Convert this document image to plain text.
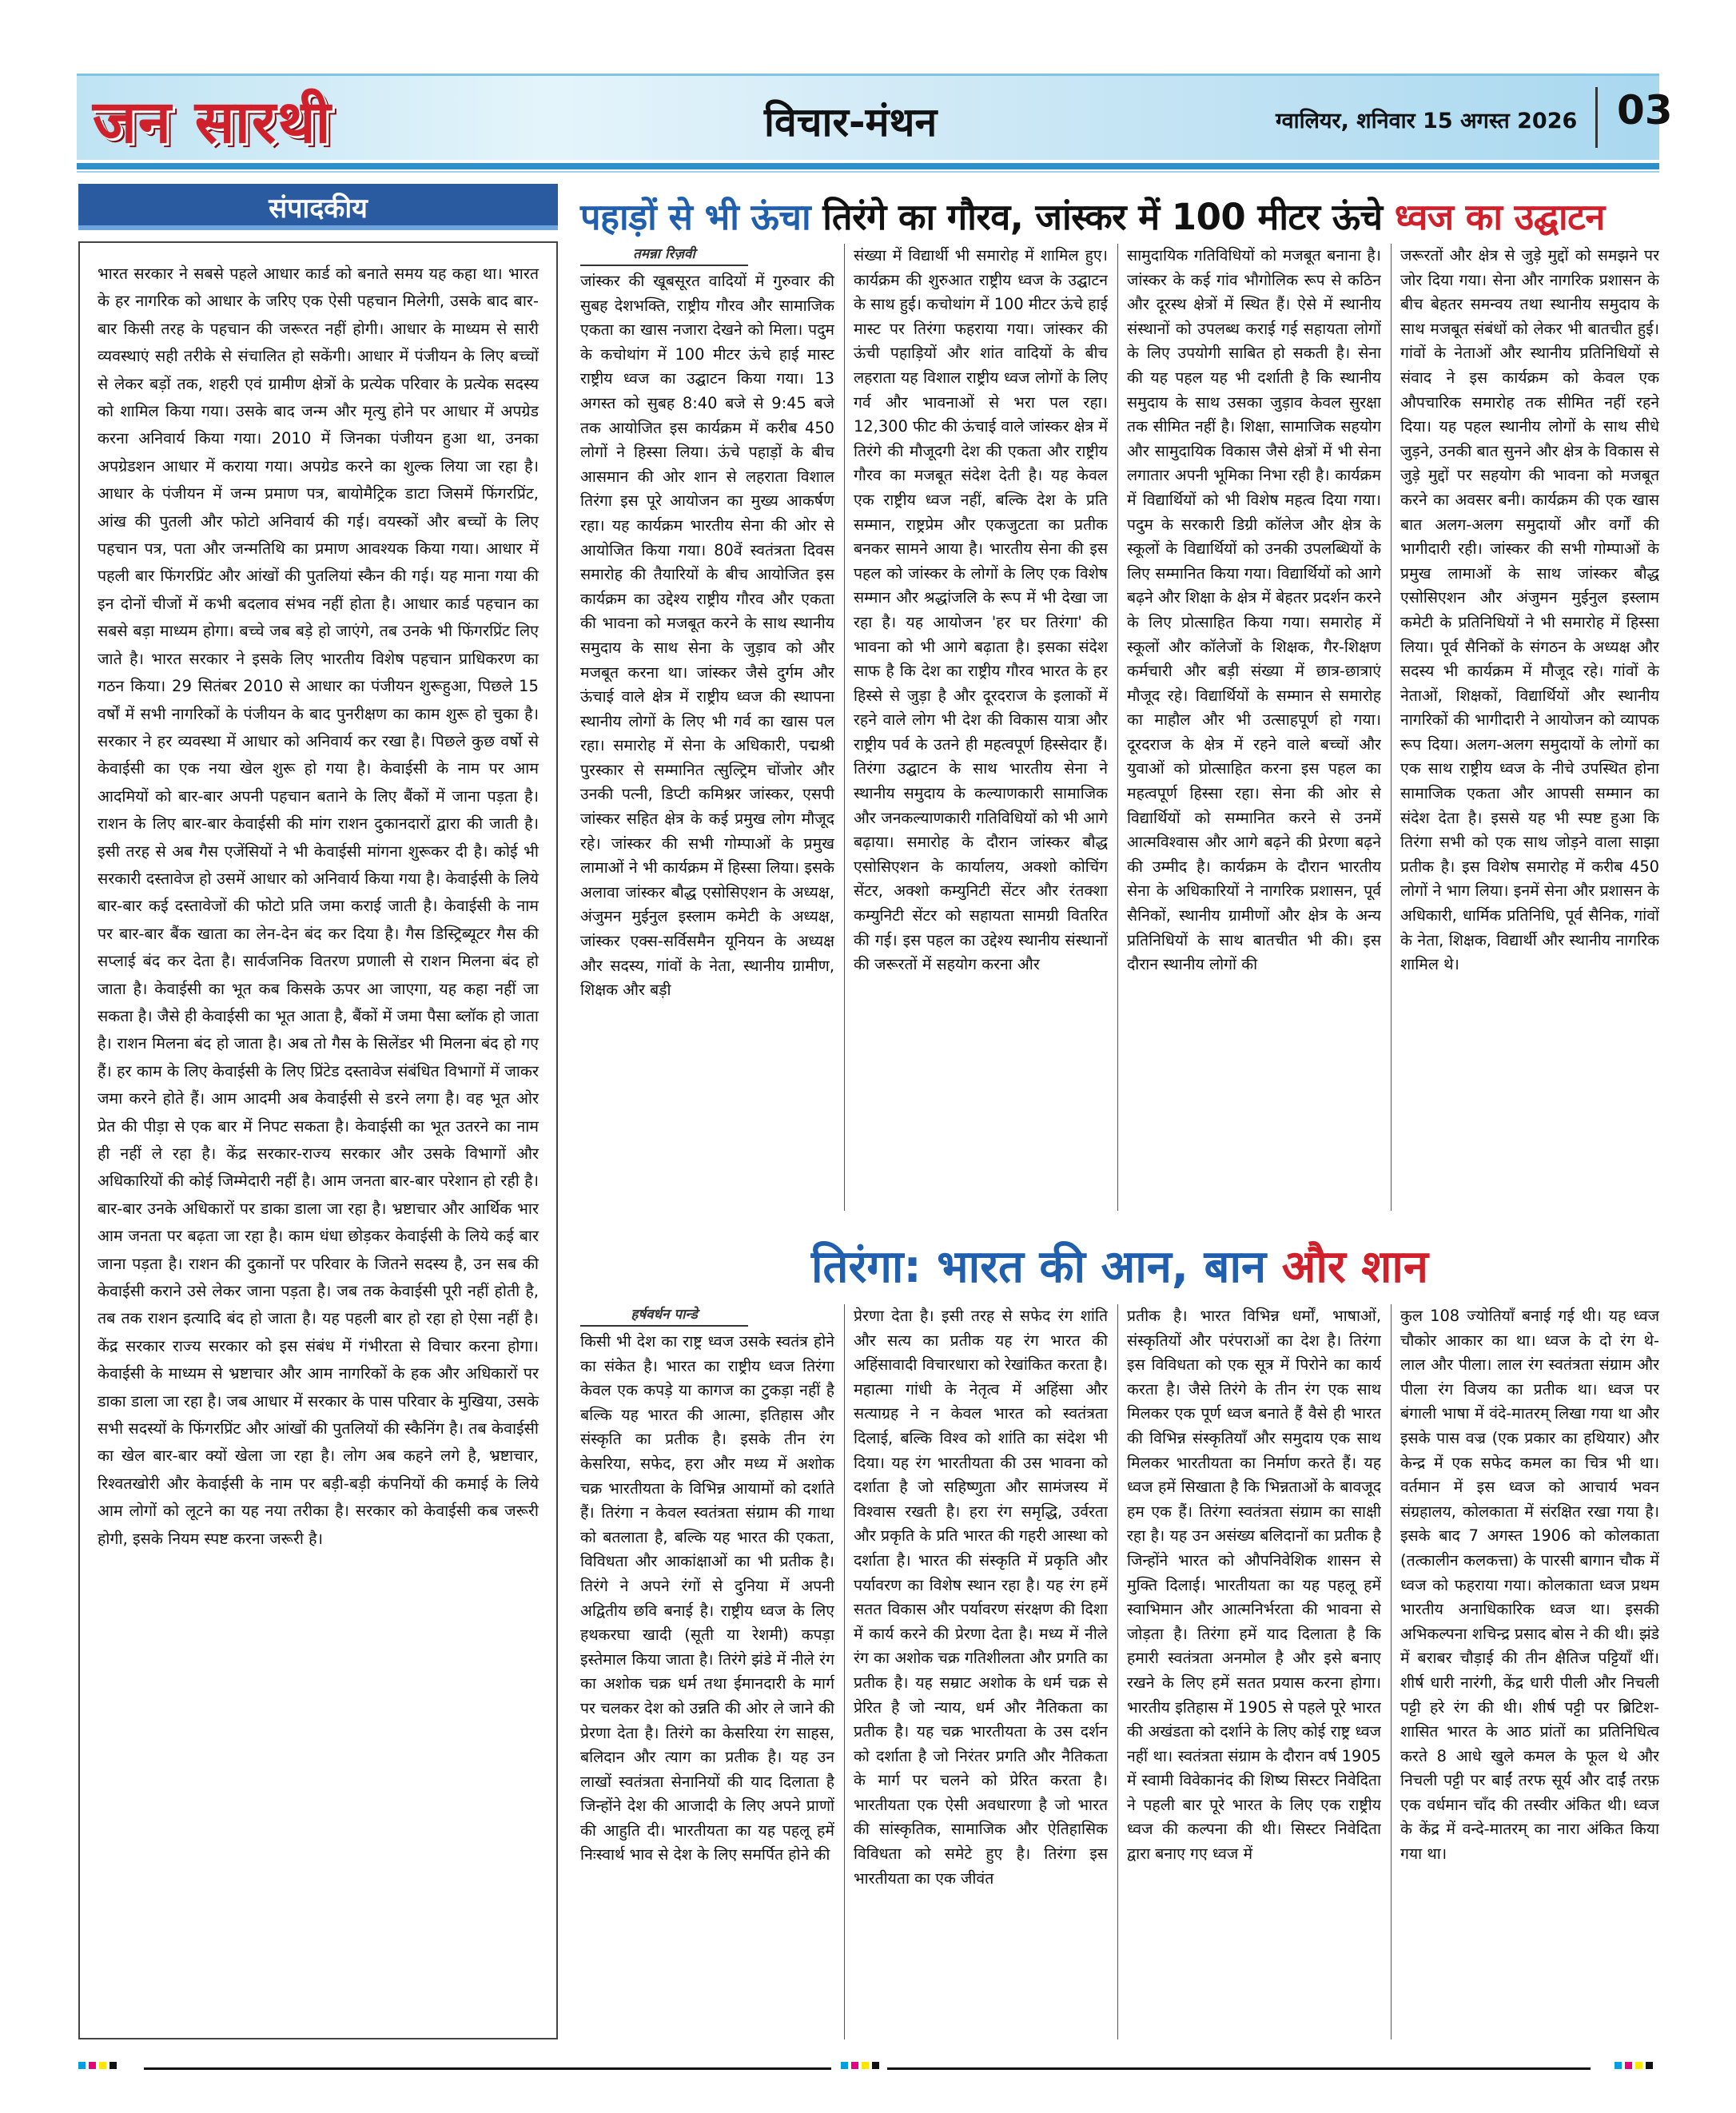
जन सारथी	विचार-मंथन	ग्वालियर, शनिवार 15 अगस्त 2026 03
संपादकीय

भारत सरकार ने सबसे पहले आधार कार्ड को बनाते समय यह कहा था। भारत के हर नागरिक को आधार के जरिए एक ऐसी पहचान मिलेगी, उसके बाद बार-बार किसी तरह के पहचान की जरूरत नहीं होगी। आधार के माध्यम से सारी व्यवस्थाएं सही तरीके से संचालित हो सकेंगी। आधार में पंजीयन के लिए बच्चों से लेकर बड़ों तक, शहरी एवं ग्रामीण क्षेत्रों के प्रत्येक परिवार के प्रत्येक सदस्य को शामिल किया गया। उसके बाद जन्म और मृत्यु होने पर आधार में अपग्रेड करना अनिवार्य किया गया। 2010 में जिनका पंजीयन हुआ था, उनका अपग्रेडशन आधार में कराया गया। अपग्रेड करने का शुल्क लिया जा रहा है। आधार के पंजीयन में जन्म प्रमाण पत्र, बायोमैट्रिक डाटा जिसमें फिंगरप्रिंट, आंख की पुतली और फोटो अनिवार्य की गई। वयस्कों और बच्चों के लिए पहचान पत्र, पता और जन्मतिथि का प्रमाण आवश्यक किया गया। आधार में पहली बार फिंगरप्रिंट और आंखों की पुतलियां स्कैन की गई। यह माना गया की इन दोनों चीजों में कभी बदलाव संभव नहीं होता है। आधार कार्ड पहचान का सबसे बड़ा माध्यम होगा। बच्चे जब बड़े हो जाएंगे, तब उनके भी फिंगरप्रिंट लिए जाते है। भारत सरकार ने इसके लिए भारतीय विशेष पहचान प्राधिकरण का गठन किया। 29 सितंबर 2010 से आधार का पंजीयन शुरूहुआ, पिछले 15 वर्षों में सभी नागरिकों के पंजीयन के बाद पुनरीक्षण का काम शुरू हो चुका है। सरकार ने हर व्यवस्था में आधार को अनिवार्य कर रखा है। पिछले कुछ वर्षो से केवाईसी का एक नया खेल शुरू हो गया है। केवाईसी के नाम पर आम आदमियों को बार-बार अपनी पहचान बताने के लिए बैंकों में जाना पड़ता है। राशन के लिए बार-बार केवाईसी की मांग राशन दुकानदारों द्वारा की जाती है। इसी तरह से अब गैस एजेंसियों ने भी केवाईसी मांगना शुरूकर दी है। कोई भी सरकारी दस्तावेज हो उसमें आधार को अनिवार्य किया गया है। केवाईसी के लिये बार-बार कई दस्तावेजों की फोटो प्रति जमा कराई जाती है। केवाईसी के नाम पर बार-बार बैंक खाता का लेन-देन बंद कर दिया है। गैस डिस्ट्रिब्यूटर गैस की सप्लाई बंद कर देता है। सार्वजनिक वितरण प्रणाली से राशन मिलना बंद हो जाता है। केवाईसी का भूत कब किसके ऊपर आ जाएगा, यह कहा नहीं जा सकता है। जैसे ही केवाईसी का भूत आता है, बैंकों में जमा पैसा ब्लॉक हो जाता है। राशन मिलना बंद हो जाता है। अब तो गैस के सिलेंडर भी मिलना बंद हो गए हैं। हर काम के लिए केवाईसी के लिए प्रिंटेड दस्तावेज संबंधित विभागों में जाकर जमा करने होते हैं। आम आदमी अब केवाईसी से डरने लगा है। वह भूत ओर प्रेत की पीड़ा से एक बार में निपट सकता है। केवाईसी का भूत उतरने का नाम ही नहीं ले रहा है। केंद्र सरकार-राज्य सरकार और उसके विभागों और अधिकारियों की कोई जिम्मेदारी नहीं है। आम जनता बार-बार परेशान हो रही है। बार-बार उनके अधिकारों पर डाका डाला जा रहा है। भ्रष्टाचार और आर्थिक भार आम जनता पर बढ़ता जा रहा है। काम धंधा छोड़कर केवाईसी के लिये कई बार जाना पड़ता है। राशन की दुकानों पर परिवार के जितने सदस्य है, उन सब की केवाईसी कराने उसे लेकर जाना पड़ता है। जब तक केवाईसी पूरी नहीं होती है, तब तक राशन इत्यादि बंद हो जाता है। यह पहली बार हो रहा हो ऐसा नहीं है। केंद्र सरकार राज्य सरकार को इस संबंध में गंभीरता से विचार करना होगा। केवाईसी के माध्यम से भ्रष्टाचार और आम नागरिकों के हक और अधिकारों पर डाका डाला जा रहा है। जब आधार में सरकार के पास परिवार के मुखिया, उसके सभी सदस्यों के फिंगरप्रिंट और आंखों की पुतलियों की स्कैनिंग है। तब केवाईसी का खेल बार-बार क्यों खेला जा रहा है। लोग अब कहने लगे है, भ्रष्टाचार, रिश्वतखोरी और केवाईसी के नाम पर बड़ी-बड़ी कंपनियों की कमाई के लिये आम लोगों को लूटने का यह नया तरीका है। सरकार को केवाईसी कब जरूरी होगी, इसके नियम स्पष्ट करना जरूरी है।

पहाड़ों से भी ऊंचा तिरंगे का गौरव, जांस्कर में 100 मीटर ऊंचे ध्वज का उद्घाटन
तमन्ना रिज़वी
जांस्कर की खूबसूरत वादियों में गुरुवार की सुबह देशभक्ति, राष्ट्रीय गौरव और सामाजिक एकता का खास नजारा देखने को मिला। पदुम के कचोथांग में 100 मीटर ऊंचे हाई मास्ट राष्ट्रीय ध्वज का उद्घाटन किया गया। 13 अगस्त को सुबह 8:40 बजे से 9:45 बजे तक आयोजित इस कार्यक्रम में करीब 450 लोगों ने हिस्सा लिया। ऊंचे पहाड़ों के बीच आसमान की ओर शान से लहराता विशाल तिरंगा इस पूरे आयोजन का मुख्य आकर्षण रहा। यह कार्यक्रम भारतीय सेना की ओर से आयोजित किया गया। 80वें स्वतंत्रता दिवस समारोह की तैयारियों के बीच आयोजित इस कार्यक्रम का उद्देश्य राष्ट्रीय गौरव और एकता की भावना को मजबूत करने के साथ स्थानीय समुदाय के साथ सेना के जुड़ाव को और मजबूत करना था। जांस्कर जैसे दुर्गम और ऊंचाई वाले क्षेत्र में राष्ट्रीय ध्वज की स्थापना स्थानीय लोगों के लिए भी गर्व का खास पल रहा। समारोह में सेना के अधिकारी, पद्मश्री पुरस्कार से सम्मानित त्सुल्ट्रिम चोंजोर और उनकी पत्नी, डिप्टी कमिश्नर जांस्कर, एसपी जांस्कर सहित क्षेत्र के कई प्रमुख लोग मौजूद रहे। जांस्कर की सभी गोम्पाओं के प्रमुख लामाओं ने भी कार्यक्रम में हिस्सा लिया। इसके अलावा जांस्कर बौद्ध एसोसिएशन के अध्यक्ष, अंजुमन मुईनुल इस्लाम कमेटी के अध्यक्ष, जांस्कर एक्स-सर्विसमैन यूनियन के अध्यक्ष और सदस्य, गांवों के नेता, स्थानीय ग्रामीण, शिक्षक और बड़ी
संख्या में विद्यार्थी भी समारोह में शामिल हुए। कार्यक्रम की शुरुआत राष्ट्रीय ध्वज के उद्घाटन के साथ हुई। कचोथांग में 100 मीटर ऊंचे हाई मास्ट पर तिरंगा फहराया गया। जांस्कर की ऊंची पहाड़ियों और शांत वादियों के बीच लहराता यह विशाल राष्ट्रीय ध्वज लोगों के लिए गर्व और भावनाओं से भरा पल रहा। 12,300 फीट की ऊंचाई वाले जांस्कर क्षेत्र में तिरंगे की मौजूदगी देश की एकता और राष्ट्रीय गौरव का मजबूत संदेश देती है। यह केवल एक राष्ट्रीय ध्वज नहीं, बल्कि देश के प्रति सम्मान, राष्ट्रप्रेम और एकजुटता का प्रतीक बनकर सामने आया है। भारतीय सेना की इस पहल को जांस्कर के लोगों के लिए एक विशेष सम्मान और श्रद्धांजलि के रूप में भी देखा जा रहा है। यह आयोजन 'हर घर तिरंगा' की भावना को भी आगे बढ़ाता है। इसका संदेश साफ है कि देश का राष्ट्रीय गौरव भारत के हर हिस्से से जुड़ा है और दूरदराज के इलाकों में रहने वाले लोग भी देश की विकास यात्रा और राष्ट्रीय पर्व के उतने ही महत्वपूर्ण हिस्सेदार हैं। तिरंगा उद्घाटन के साथ भारतीय सेना ने स्थानीय समुदाय के कल्याणकारी सामाजिक और जनकल्याणकारी गतिविधियों को भी आगे बढ़ाया। समारोह के दौरान जांस्कर बौद्ध एसोसिएशन के कार्यालय, अक्शो कोचिंग सेंटर, अक्शो कम्युनिटी सेंटर और रंतक्शा कम्युनिटी सेंटर को सहायता सामग्री वितरित की गई। इस पहल का उद्देश्य स्थानीय संस्थानों की जरूरतों में सहयोग करना और
सामुदायिक गतिविधियों को मजबूत बनाना है। जांस्कर के कई गांव भौगोलिक रूप से कठिन और दूरस्थ क्षेत्रों में स्थित हैं। ऐसे में स्थानीय संस्थानों को उपलब्ध कराई गई सहायता लोगों के लिए उपयोगी साबित हो सकती है। सेना की यह पहल यह भी दर्शाती है कि स्थानीय समुदाय के साथ उसका जुड़ाव केवल सुरक्षा तक सीमित नहीं है। शिक्षा, सामाजिक सहयोग और सामुदायिक विकास जैसे क्षेत्रों में भी सेना लगातार अपनी भूमिका निभा रही है। कार्यक्रम में विद्यार्थियों को भी विशेष महत्व दिया गया। पदुम के सरकारी डिग्री कॉलेज और क्षेत्र के स्कूलों के विद्यार्थियों को उनकी उपलब्धियों के लिए सम्मानित किया गया। विद्यार्थियों को आगे बढ़ने और शिक्षा के क्षेत्र में बेहतर प्रदर्शन करने के लिए प्रोत्साहित किया गया। समारोह में स्कूलों और कॉलेजों के शिक्षक, गैर-शिक्षण कर्मचारी और बड़ी संख्या में छात्र-छात्राएं मौजूद रहे। विद्यार्थियों के सम्मान से समारोह का माहौल और भी उत्साहपूर्ण हो गया। दूरदराज के क्षेत्र में रहने वाले बच्चों और युवाओं को प्रोत्साहित करना इस पहल का महत्वपूर्ण हिस्सा रहा। सेना की ओर से विद्यार्थियों को सम्मानित करने से उनमें आत्मविश्वास और आगे बढ़ने की प्रेरणा बढ़ने की उम्मीद है। कार्यक्रम के दौरान भारतीय सेना के अधिकारियों ने नागरिक प्रशासन, पूर्व सैनिकों, स्थानीय ग्रामीणों और क्षेत्र के अन्य प्रतिनिधियों के साथ बातचीत भी की। इस दौरान स्थानीय लोगों की
जरूरतों और क्षेत्र से जुड़े मुद्दों को समझने पर जोर दिया गया। सेना और नागरिक प्रशासन के बीच बेहतर समन्वय तथा स्थानीय समुदाय के साथ मजबूत संबंधों को लेकर भी बातचीत हुई। गांवों के नेताओं और स्थानीय प्रतिनिधियों से संवाद ने इस कार्यक्रम को केवल एक औपचारिक समारोह तक सीमित नहीं रहने दिया। यह पहल स्थानीय लोगों के साथ सीधे जुड़ने, उनकी बात सुनने और क्षेत्र के विकास से जुड़े मुद्दों पर सहयोग की भावना को मजबूत करने का अवसर बनी। कार्यक्रम की एक खास बात अलग-अलग समुदायों और वर्गों की भागीदारी रही। जांस्कर की सभी गोम्पाओं के प्रमुख लामाओं के साथ जांस्कर बौद्ध एसोसिएशन और अंजुमन मुईनुल इस्लाम कमेटी के प्रतिनिधियों ने भी समारोह में हिस्सा लिया। पूर्व सैनिकों के संगठन के अध्यक्ष और सदस्य भी कार्यक्रम में मौजूद रहे। गांवों के नेताओं, शिक्षकों, विद्यार्थियों और स्थानीय नागरिकों की भागीदारी ने आयोजन को व्यापक रूप दिया। अलग-अलग समुदायों के लोगों का एक साथ राष्ट्रीय ध्वज के नीचे उपस्थित होना सामाजिक एकता और आपसी सम्मान का संदेश देता है। इससे यह भी स्पष्ट हुआ कि तिरंगा सभी को एक साथ जोड़ने वाला साझा प्रतीक है। इस विशेष समारोह में करीब 450 लोगों ने भाग लिया। इनमें सेना और प्रशासन के अधिकारी, धार्मिक प्रतिनिधि, पूर्व सैनिक, गांवों के नेता, शिक्षक, विद्यार्थी और स्थानीय नागरिक शामिल थे।
तिरंगा: भारत की आन, बान और शान
हर्षवर्धन पान्डे
किसी भी देश का राष्ट्र ध्वज उसके स्वतंत्र होने का संकेत है। भारत का राष्ट्रीय ध्वज तिरंगा केवल एक कपड़े या कागज का टुकड़ा नहीं है बल्कि यह भारत की आत्मा, इतिहास और संस्कृति का प्रतीक है। इसके तीन रंग केसरिया, सफेद, हरा और मध्य में अशोक चक्र भारतीयता के विभिन्न आयामों को दर्शाते हैं। तिरंगा न केवल स्वतंत्रता संग्राम की गाथा को बतलाता है, बल्कि यह भारत की एकता, विविधता और आकांक्षाओं का भी प्रतीक है। तिरंगे ने अपने रंगों से दुनिया में अपनी अद्वितीय छवि बनाई है। राष्ट्रीय ध्वज के लिए हथकरघा खादी (सूती या रेशमी) कपड़ा इस्तेमाल किया जाता है। तिरंगे झंडे में नीले रंग का अशोक चक्र धर्म तथा ईमानदारी के मार्ग पर चलकर देश को उन्नति की ओर ले जाने की प्रेरणा देता है। तिरंगे का केसरिया रंग साहस, बलिदान और त्याग का प्रतीक है। यह उन लाखों स्वतंत्रता सेनानियों की याद दिलाता है जिन्होंने देश की आजादी के लिए अपने प्राणों की आहुति दी। भारतीयता का यह पहलू हमें निःस्वार्थ भाव से देश के लिए समर्पित होने की
प्रेरणा देता है। इसी तरह से सफेद रंग शांति और सत्य का प्रतीक यह रंग भारत की अहिंसावादी विचारधारा को रेखांकित करता है। महात्मा गांधी के नेतृत्व में अहिंसा और सत्याग्रह ने न केवल भारत को स्वतंत्रता दिलाई, बल्कि विश्व को शांति का संदेश भी दिया। यह रंग भारतीयता की उस भावना को दर्शाता है जो सहिष्णुता और सामंजस्य में विश्वास रखती है। हरा रंग समृद्धि, उर्वरता और प्रकृति के प्रति भारत की गहरी आस्था को दर्शाता है। भारत की संस्कृति में प्रकृति और पर्यावरण का विशेष स्थान रहा है। यह रंग हमें सतत विकास और पर्यावरण संरक्षण की दिशा में कार्य करने की प्रेरणा देता है। मध्य में नीले रंग का अशोक चक्र गतिशीलता और प्रगति का प्रतीक है। यह सम्राट अशोक के धर्म चक्र से प्रेरित है जो न्याय, धर्म और नैतिकता का प्रतीक है। यह चक्र भारतीयता के उस दर्शन को दर्शाता है जो निरंतर प्रगति और नैतिकता के मार्ग पर चलने को प्रेरित करता है। भारतीयता एक ऐसी अवधारणा है जो भारत की सांस्कृतिक, सामाजिक और ऐतिहासिक विविधता को समेटे हुए है। तिरंगा इस भारतीयता का एक जीवंत
प्रतीक है। भारत विभिन्न धर्मों, भाषाओं, संस्कृतियों और परंपराओं का देश है। तिरंगा इस विविधता को एक सूत्र में पिरोने का कार्य करता है। जैसे तिरंगे के तीन रंग एक साथ मिलकर एक पूर्ण ध्वज बनाते हैं वैसे ही भारत की विभिन्न संस्कृतियाँ और समुदाय एक साथ मिलकर भारतीयता का निर्माण करते हैं। यह ध्वज हमें सिखाता है कि भिन्नताओं के बावजूद हम एक हैं। तिरंगा स्वतंत्रता संग्राम का साक्षी रहा है। यह उन असंख्य बलिदानों का प्रतीक है जिन्होंने भारत को औपनिवेशिक शासन से मुक्ति दिलाई। भारतीयता का यह पहलू हमें स्वाभिमान और आत्मनिर्भरता की भावना से जोड़ता है। तिरंगा हमें याद दिलाता है कि हमारी स्वतंत्रता अनमोल है और इसे बनाए रखने के लिए हमें सतत प्रयास करना होगा। भारतीय इतिहास में 1905 से पहले पूरे भारत की अखंडता को दर्शाने के लिए कोई राष्ट्र ध्वज नहीं था। स्वतंत्रता संग्राम के दौरान वर्ष 1905 में स्वामी विवेकानंद की शिष्य सिस्टर निवेदिता ने पहली बार पूरे भारत के लिए एक राष्ट्रीय ध्वज की कल्पना की थी। सिस्टर निवेदिता द्वारा बनाए गए ध्वज में
कुल 108 ज्योतियाँ बनाई गई थी। यह ध्वज चौकोर आकार का था। ध्वज के दो रंग थे- लाल और पीला। लाल रंग स्वतंत्रता संग्राम और पीला रंग विजय का प्रतीक था। ध्वज पर बंगाली भाषा में वंदे-मातरम् लिखा गया था और इसके पास वज्र (एक प्रकार का हथियार) और केन्द्र में एक सफेद कमल का चित्र भी था। वर्तमान में इस ध्वज को आचार्य भवन संग्रहालय, कोलकाता में संरक्षित रखा गया है। इसके बाद 7 अगस्त 1906 को कोलकाता (तत्कालीन कलकत्ता) के पारसी बागान चौक में ध्वज को फहराया गया। कोलकाता ध्वज प्रथम भारतीय अनाधिकारिक ध्वज था। इसकी अभिकल्पना शचिन्द्र प्रसाद बोस ने की थी। झंडे में बराबर चौड़ाई की तीन क्षैतिज पट्टियाँ थीं। शीर्ष धारी नारंगी, केंद्र धारी पीली और निचली पट्टी हरे रंग की थी। शीर्ष पट्टी पर ब्रिटिश-शासित भारत के आठ प्रांतों का प्रतिनिधित्व करते 8 आधे खुले कमल के फूल थे और निचली पट्टी पर बाईं तरफ सूर्य और दाईं तरफ़ एक वर्धमान चाँद की तस्वीर अंकित थी। ध्वज के केंद्र में वन्दे-मातरम् का नारा अंकित किया गया था।
